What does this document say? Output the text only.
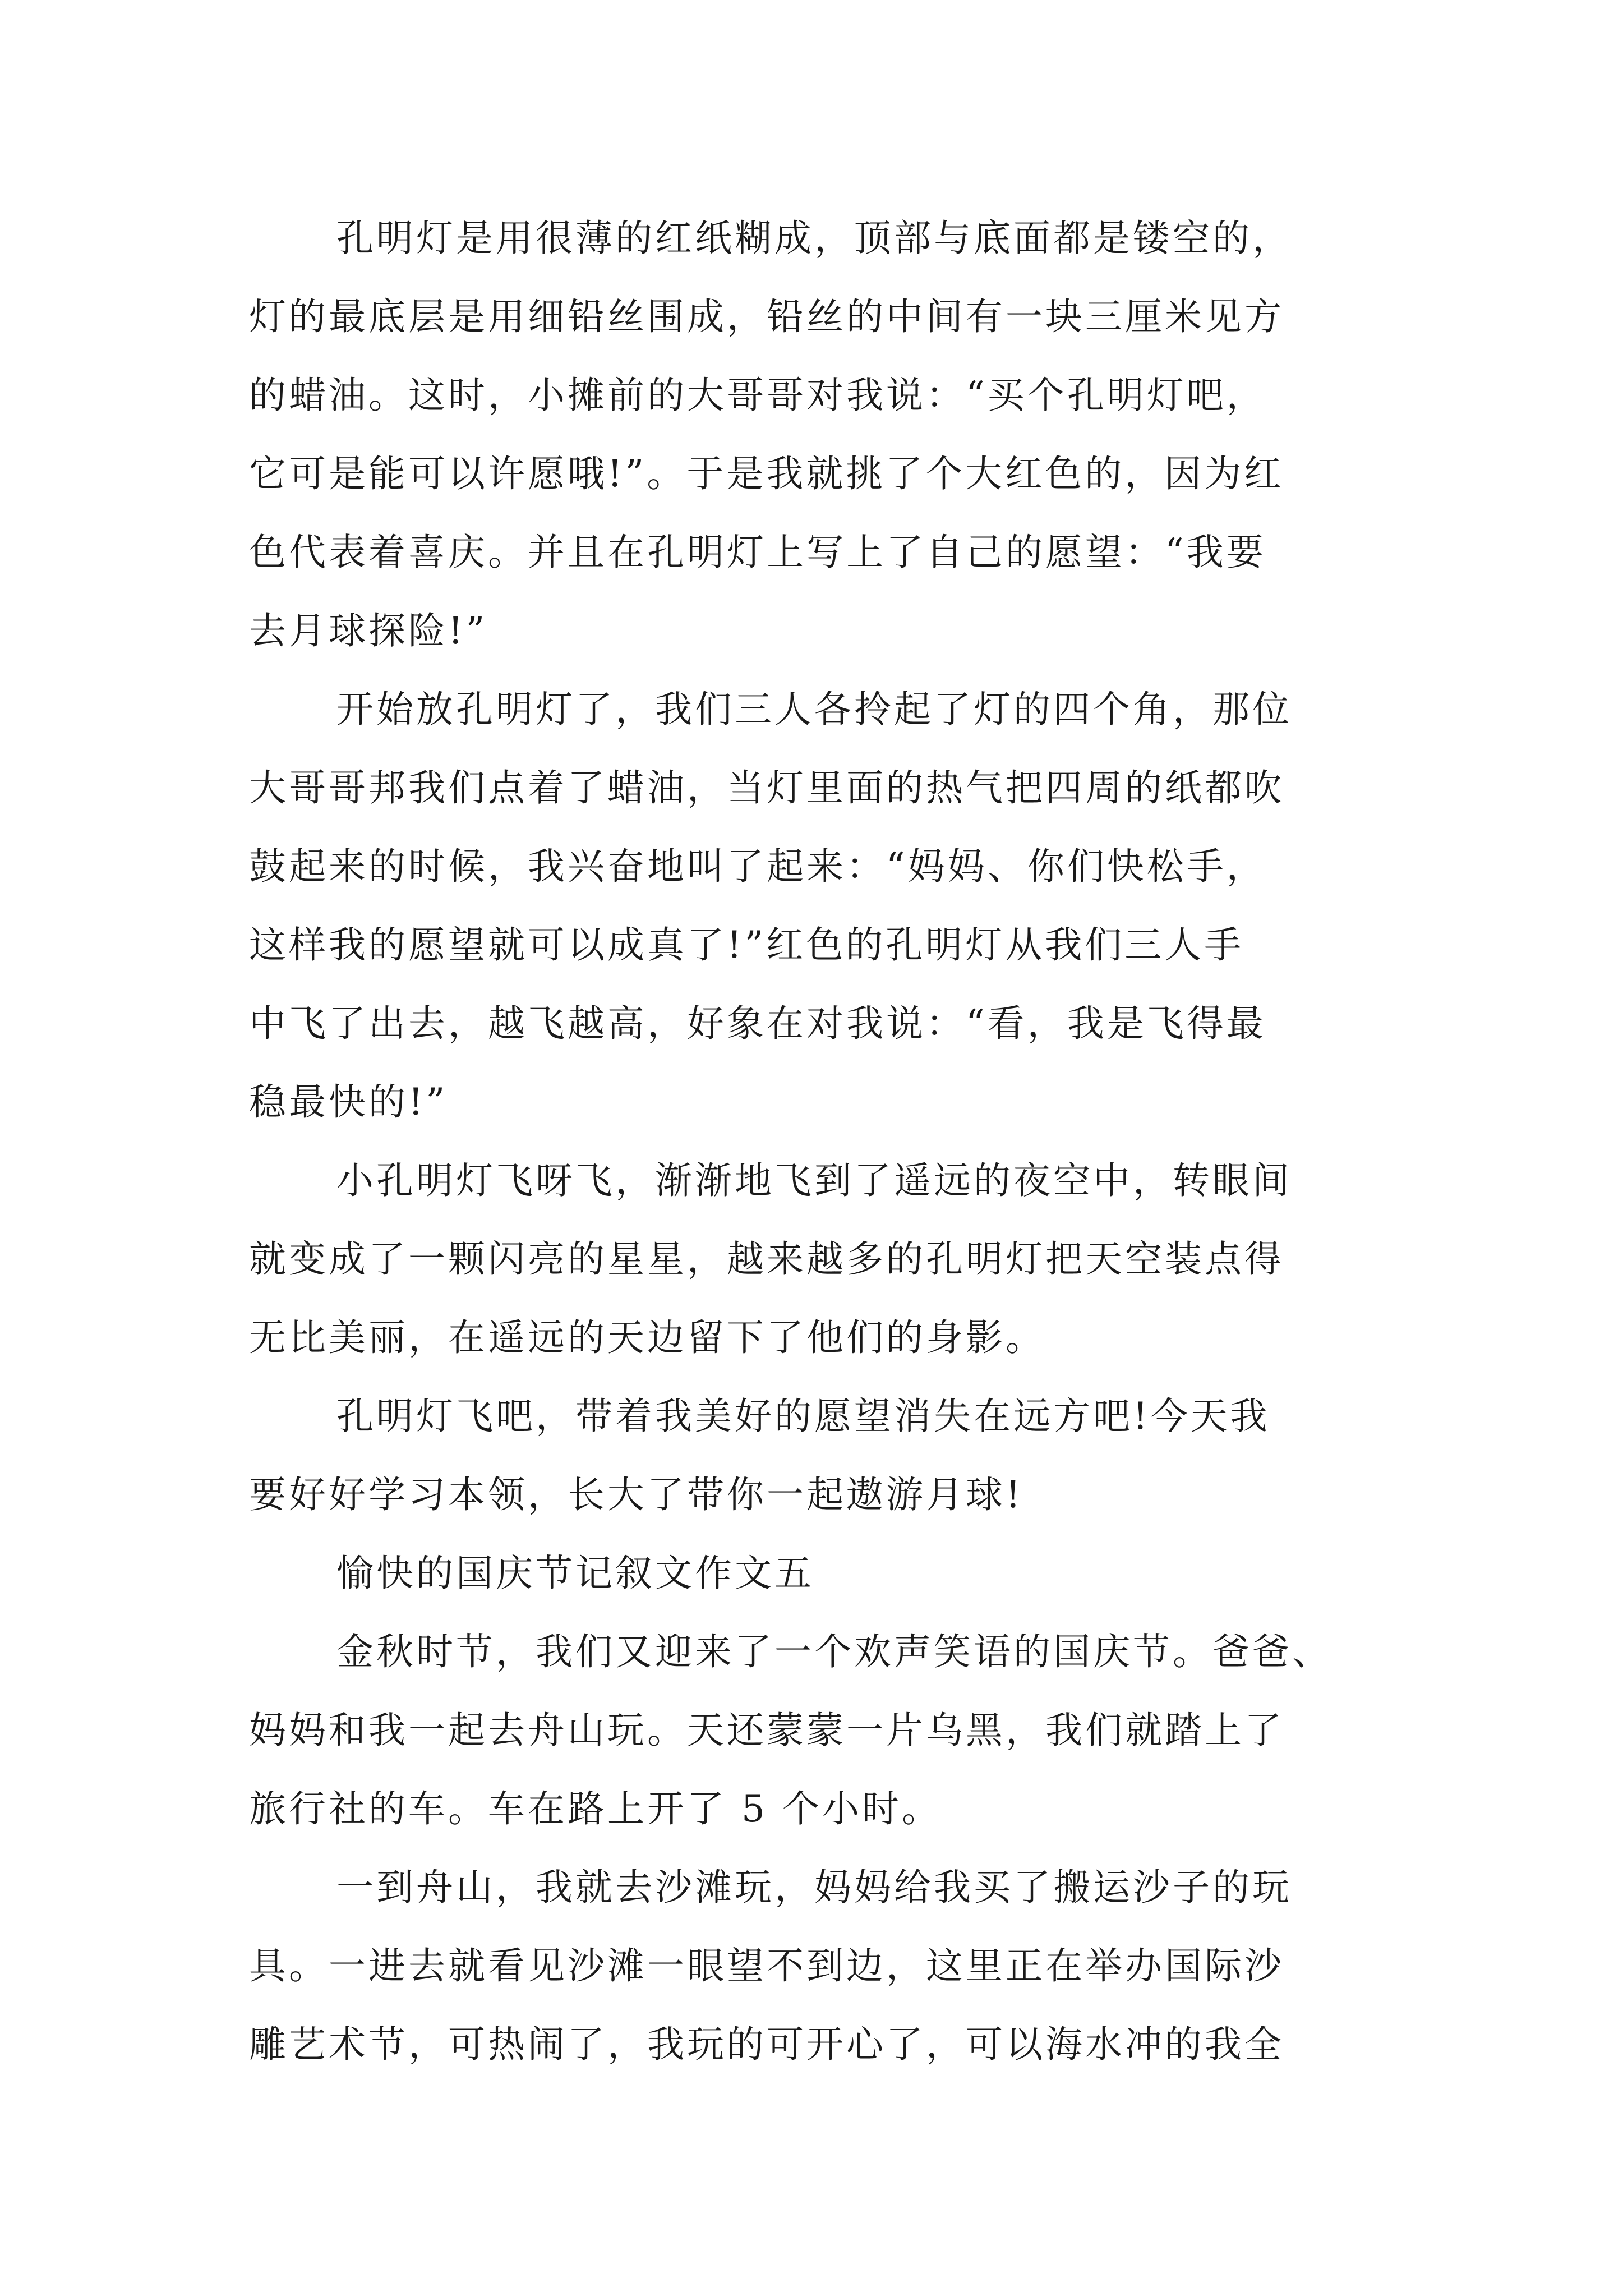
孔明灯是用很薄的红纸糊成，顶部与底面都是镂空的，
灯的最底层是用细铅丝围成，铅丝的中间有一块三厘米见方
的蜡油。这时，小摊前的大哥哥对我说：“买个孔明灯吧，
它可是能可以许愿哦!”。于是我就挑了个大红色的，因为红
色代表着喜庆。并且在孔明灯上写上了自己的愿望：“我要
去月球探险!”
开始放孔明灯了，我们三人各拎起了灯的四个角，那位
大哥哥邦我们点着了蜡油，当灯里面的热气把四周的纸都吹
鼓起来的时候，我兴奋地叫了起来：“妈妈、你们快松手，
这样我的愿望就可以成真了!”红色的孔明灯从我们三人手
中飞了出去，越飞越高，好象在对我说：“看，我是飞得最
稳最快的!”
小孔明灯飞呀飞，渐渐地飞到了遥远的夜空中，转眼间
就变成了一颗闪亮的星星，越来越多的孔明灯把天空装点得
无比美丽，在遥远的天边留下了他们的身影。
孔明灯飞吧，带着我美好的愿望消失在远方吧!今天我
要好好学习本领，长大了带你一起遨游月球!
愉快的国庆节记叙文作文五
金秋时节，我们又迎来了一个欢声笑语的国庆节。爸爸、
妈妈和我一起去舟山玩。天还蒙蒙一片乌黑，我们就踏上了
旅行社的车。车在路上开了 5 个小时。
一到舟山，我就去沙滩玩，妈妈给我买了搬运沙子的玩
具。一进去就看见沙滩一眼望不到边，这里正在举办国际沙
雕艺术节，可热闹了，我玩的可开心了，可以海水冲的我全
